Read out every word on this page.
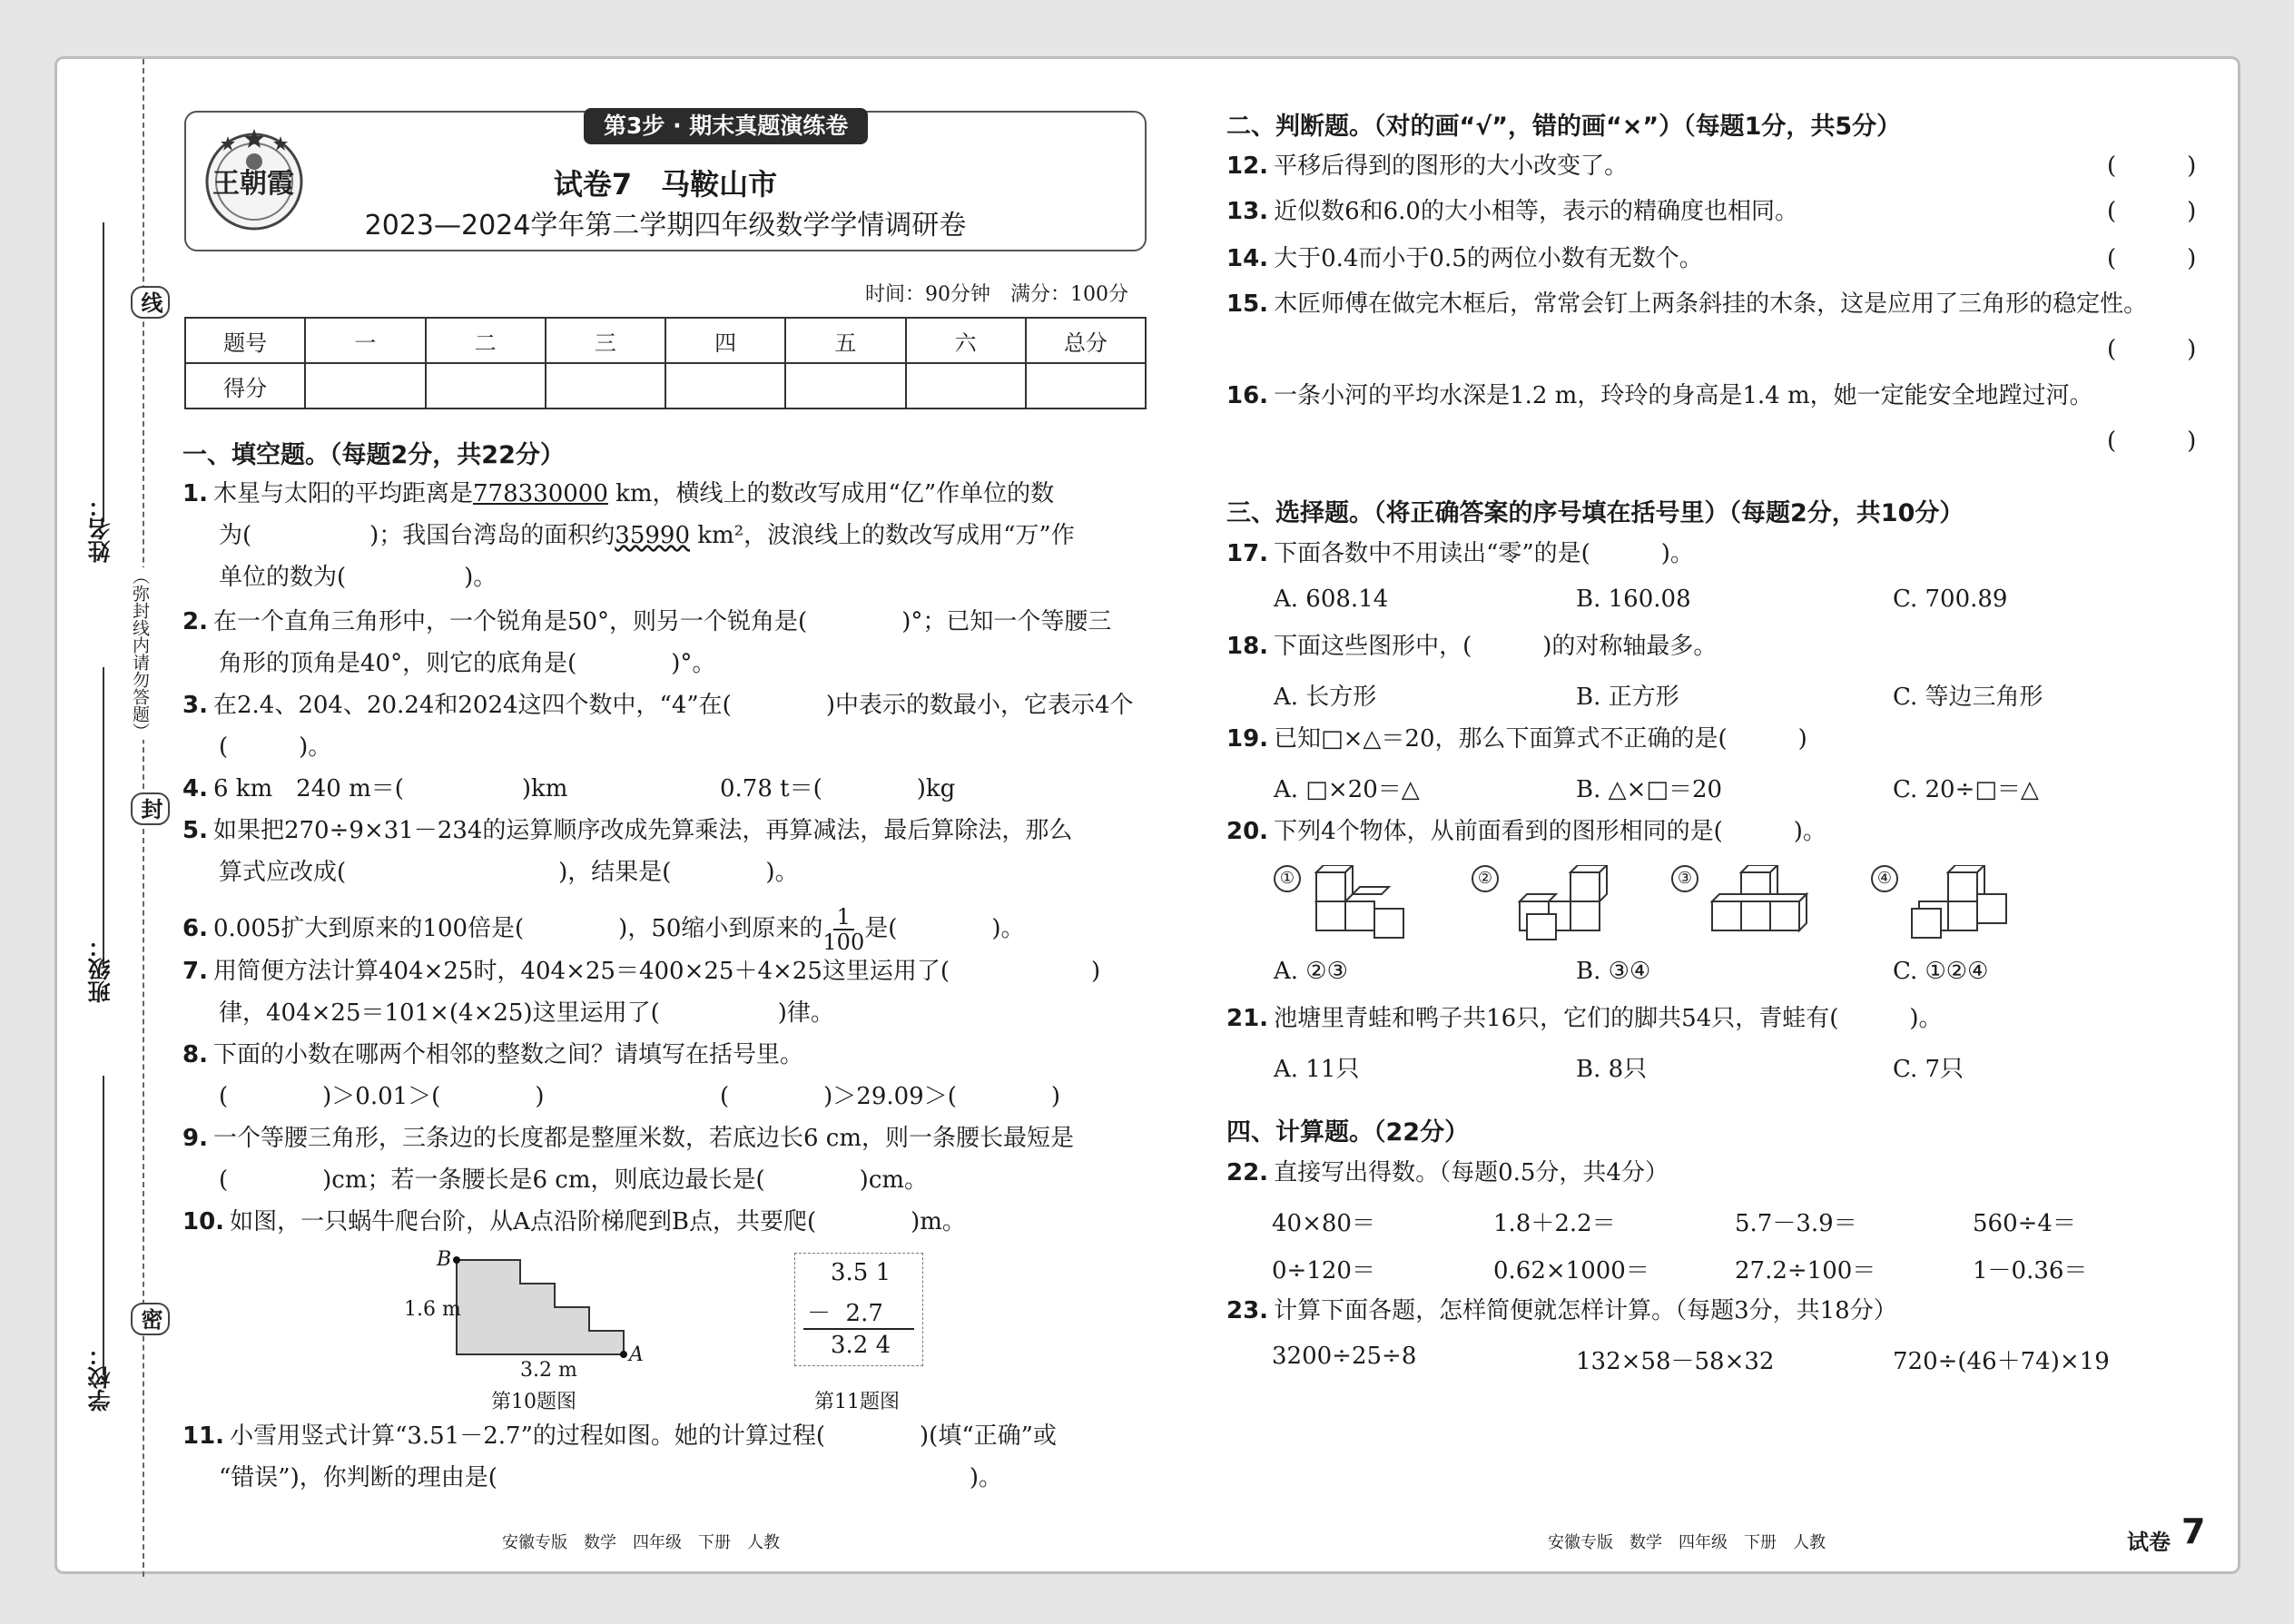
线
封
密
（弥封线内请勿答题）
姓名：
班级：
学校：
第3步 · 期末真题演练卷
王朝霞	试卷7　马鞍山市
2023—2024学年第二学期四年级数学学情调研卷
时间：90分钟　满分：100分
题号	一	二	三	四	五	六	总分
得分							
一、填空题。（每题2分，共22分）
1. 木星与太阳的平均距离是778330000 km，横线上的数改写成用“亿”作单位的数
为(　　　　　)；我国台湾岛的面积约35990 km²，波浪线上的数改写成用“万”作
单位的数为(　　　　　)。
2. 在一个直角三角形中，一个锐角是50°，则另一个锐角是(　　　　)°；已知一个等腰三
角形的顶角是40°，则它的底角是(　　　　)°。
3. 在2.4、204、20.24和2024这四个数中，“4”在(　　　　)中表示的数最小，它表示4个
(　　　)。
4. 6 km　240 m＝(　　　　　)km	0.78 t＝(　　　　)kg
5. 如果把270÷9×31－234的运算顺序改成先算乘法，再算减法，最后算除法，那么
算式应改成(　　　　　　　　　)，结果是(　　　　)。
6. 0.005扩大到原来的100倍是(　　　　)，50缩小到原来的 $\frac{1}{100}$ 是(　　　　)。
7. 用简便方法计算404×25时，404×25＝400×25＋4×25这里运用了(　　　　　　)
律，404×25＝101×(4×25)这里运用了(　　　　　)律。
8. 下面的小数在哪两个相邻的整数之间？请填写在括号里。
(　　　　)＞0.01＞(　　　　)	(　　　　)＞29.09＞(　　　　)
9. 一个等腰三角形，三条边的长度都是整厘米数，若底边长6 cm，则一条腰长最短是
(　　　　)cm；若一条腰长是6 cm，则底边最长是(　　　　)cm。
10. 如图，一只蜗牛爬台阶，从A点沿阶梯爬到B点，共要爬(　　　　)m。
B
A
1.6 m
3.2 m
第10题图
3.5 1
－  2.7
3.2 4
第11题图
11. 小雪用竖式计算“3.51－2.7”的过程如图。她的计算过程(　　　　)(填“正确”或
“错误”)，你判断的理由是(　　　　　　　　　　　　　　　　　　　　)。
安徽专版　数学　四年级　下册　人教
二、判断题。（对的画“√”，错的画“×”）（每题1分，共5分）
12. 平移后得到的图形的大小改变了。	(　　　)
13. 近似数6和6.0的大小相等，表示的精确度也相同。	(　　　)
14. 大于0.4而小于0.5的两位小数有无数个。	(　　　)
15. 木匠师傅在做完木框后，常常会钉上两条斜挂的木条，这是应用了三角形的稳定性。
(　　　)
16. 一条小河的平均水深是1.2 m，玲玲的身高是1.4 m，她一定能安全地蹚过河。
(　　　)
三、选择题。（将正确答案的序号填在括号里）（每题2分，共10分）
17. 下面各数中不用读出“零”的是(　　　)。
A. 608.14	B. 160.08	C. 700.89
18. 下面这些图形中，(　　　)的对称轴最多。
A. 长方形	B. 正方形	C. 等边三角形
19. 已知□×△＝20，那么下面算式不正确的是(　　　)
A. □×20＝△	B. △×□＝20	C. 20÷□＝△
20. 下列4个物体，从前面看到的图形相同的是(　　　)。
①	②	③	④
A. ②③	B. ③④	C. ①②④
21. 池塘里青蛙和鸭子共16只，它们的脚共54只，青蛙有(　　　)。
A. 11只	B. 8只	C. 7只
四、计算题。（22分）
22. 直接写出得数。（每题0.5分，共4分）
40×80＝	1.8＋2.2＝	5.7－3.9＝	560÷4＝
0÷120＝	0.62×1000＝	27.2÷100＝	1－0.36＝
23. 计算下面各题，怎样简便就怎样计算。（每题3分，共18分）
3200÷25÷8	132×58－58×32	720÷(46＋74)×19
安徽专版　数学　四年级　下册　人教	试卷 7
